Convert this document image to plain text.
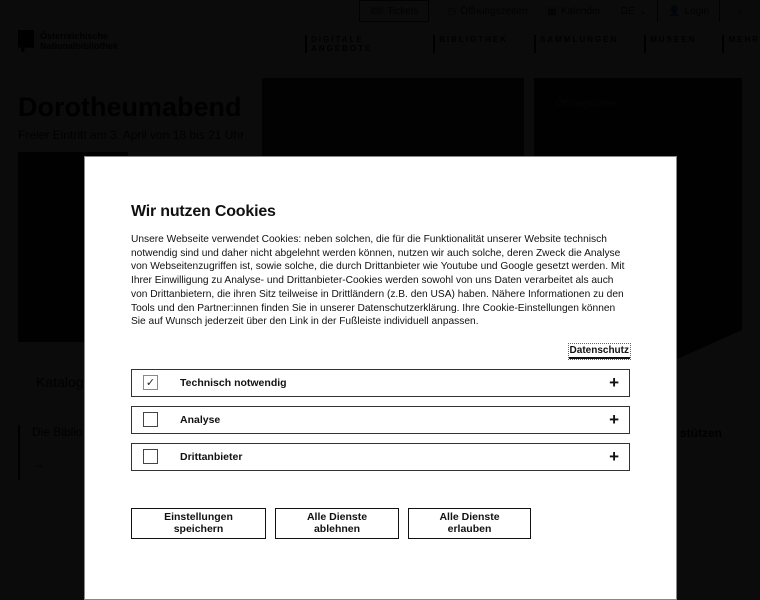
Wir nutzen Cookies

Unsere Webseite verwendet Cookies: neben solchen, die für die Funktionalität unserer Website technisch notwendig sind und daher nicht abgelehnt werden können, nutzen wir auch solche, deren Zweck die Analyse von Webseitenzugriffen ist, sowie solche, die durch Drittanbieter wie Youtube und Google gesetzt werden. Mit Ihrer Einwilligung zu Analyse- und Drittanbieter-Cookies werden sowohl von uns Daten verarbeitet als auch von Drittanbietern, die ihren Sitz teilweise in Drittländern (z.B. den USA) haben. Nähere Informationen zu den Tools und den Partner:innen finden Sie in unserer Datenschutzerklärung. Ihre Cookie-Einstellungen können Sie auf Wunsch jederzeit über den Link in der Fußleiste individuell anpassen.

Datenschutz
✓ Technisch notwendig	+
Analyse	+
Drittanbieter	+
Einstellungen speichern
Alle Dienste ablehnen
Alle Dienste erlauben
